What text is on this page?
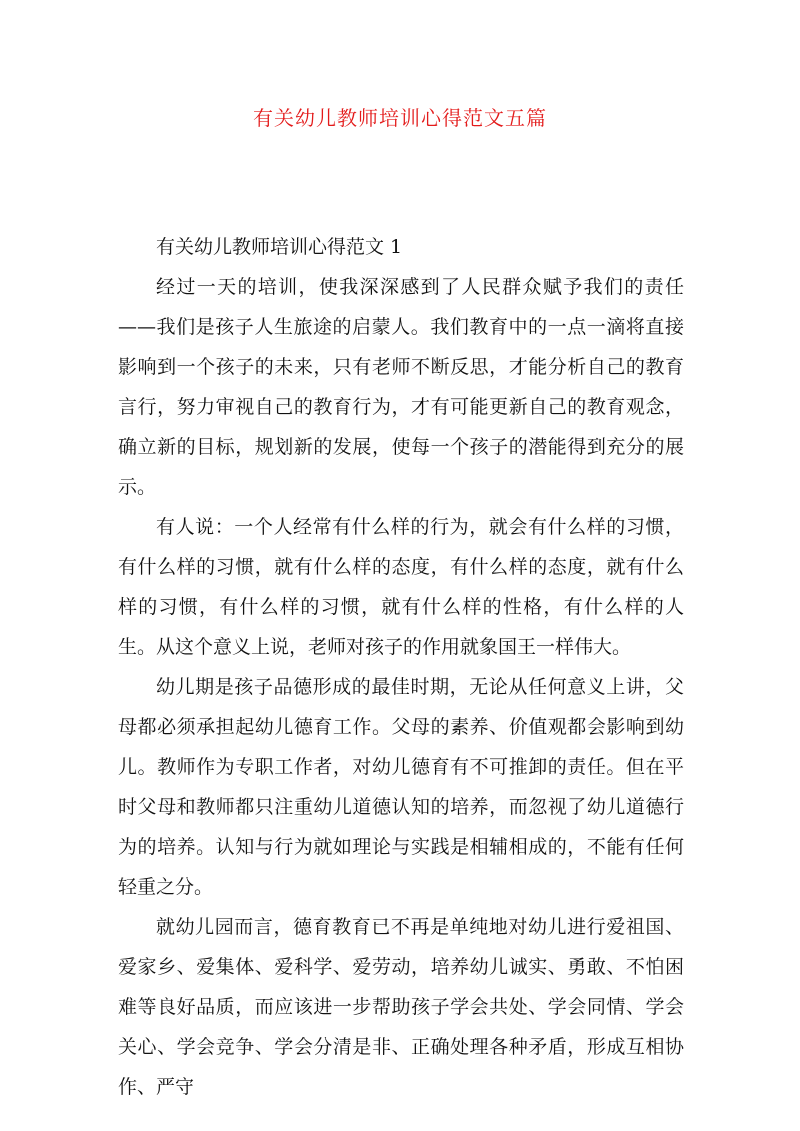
有关幼儿教师培训心得范文五篇

有关幼儿教师培训心得范文 1

经过一天的培训，使我深深感到了人民群众赋予我们的责任——我们是孩子人生旅途的启蒙人。我们教育中的一点一滴将直接影响到一个孩子的未来，只有老师不断反思，才能分析自己的教育言行，努力审视自己的教育行为，才有可能更新自己的教育观念，确立新的目标，规划新的发展，使每一个孩子的潜能得到充分的展示。

有人说：一个人经常有什么样的行为，就会有什么样的习惯，有什么样的习惯，就有什么样的态度，有什么样的态度，就有什么样的习惯，有什么样的习惯，就有什么样的性格，有什么样的人生。从这个意义上说，老师对孩子的作用就象国王一样伟大。

幼儿期是孩子品德形成的最佳时期，无论从任何意义上讲，父母都必须承担起幼儿德育工作。父母的素养、价值观都会影响到幼儿。教师作为专职工作者，对幼儿德育有不可推卸的责任。但在平时父母和教师都只注重幼儿道德认知的培养，而忽视了幼儿道德行为的培养。认知与行为就如理论与实践是相辅相成的，不能有任何轻重之分。

就幼儿园而言，德育教育已不再是单纯地对幼儿进行爱祖国、爱家乡、爱集体、爱科学、爱劳动，培养幼儿诚实、勇敢、不怕困难等良好品质，而应该进一步帮助孩子学会共处、学会同情、学会关心、学会竞争、学会分清是非、正确处理各种矛盾，形成互相协作、严守
